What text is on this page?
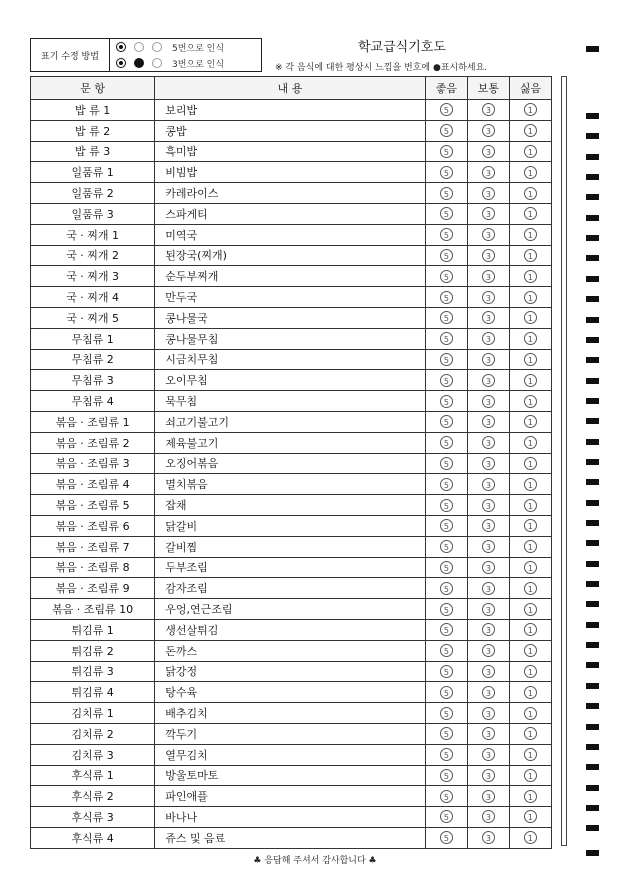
표기 수정 방법
5번으로 인식
3번으로 인식
학교급식기호도
※ 각 음식에 대한 평상시 느낌을 번호에 ●표시하세요.
문 항	내 용	좋음	보통	싫음
밥 류 1	보리밥	5	3	1
밥 류 2	콩밥	5	3	1
밥 류 3	흑미밥	5	3	1
일품류 1	비빔밥	5	3	1
일품류 2	카레라이스	5	3	1
일품류 3	스파게티	5	3	1
국 · 찌개 1	미역국	5	3	1
국 · 찌개 2	된장국(찌개)	5	3	1
국 · 찌개 3	순두부찌개	5	3	1
국 · 찌개 4	만두국	5	3	1
국 · 찌개 5	콩나물국	5	3	1
무침류 1	콩나물무침	5	3	1
무침류 2	시금치무침	5	3	1
무침류 3	오이무침	5	3	1
무침류 4	묵무침	5	3	1
볶음 · 조림류 1	쇠고기불고기	5	3	1
볶음 · 조림류 2	제육불고기	5	3	1
볶음 · 조림류 3	오징어볶음	5	3	1
볶음 · 조림류 4	멸치볶음	5	3	1
볶음 · 조림류 5	잡채	5	3	1
볶음 · 조림류 6	닭갈비	5	3	1
볶음 · 조림류 7	갈비찜	5	3	1
볶음 · 조림류 8	두부조림	5	3	1
볶음 · 조림류 9	감자조림	5	3	1
볶음 · 조림류 10	우엉,연근조림	5	3	1
튀김류 1	생선살튀김	5	3	1
튀김류 2	돈까스	5	3	1
튀김류 3	닭강정	5	3	1
튀김류 4	탕수육	5	3	1
김치류 1	배추김치	5	3	1
김치류 2	깍두기	5	3	1
김치류 3	열무김치	5	3	1
후식류 1	방울토마토	5	3	1
후식류 2	파인애플	5	3	1
후식류 3	바나나	5	3	1
후식류 4	쥬스 및 음료	5	3	1
♣ 응답해 주셔서 감사합니다 ♣
